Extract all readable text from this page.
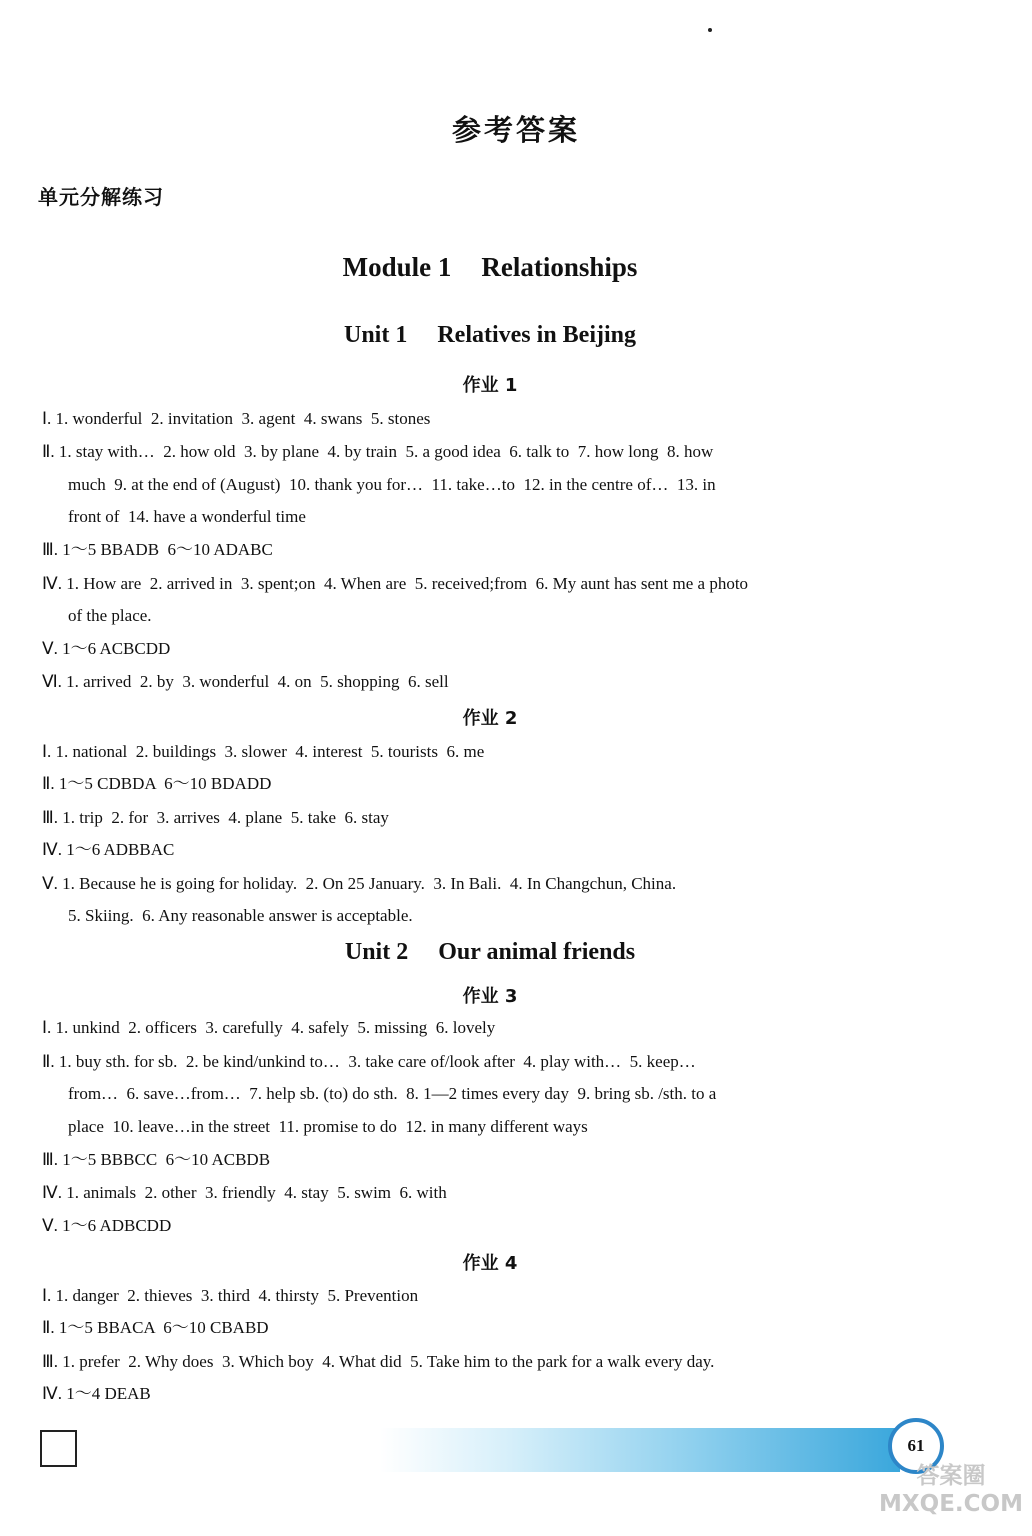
参考答案
单元分解练习
Module 1 Relationships
Unit 1 Relatives in Beijing
作业 1
Ⅰ. 1. wonderful  2. invitation  3. agent  4. swans  5. stones
Ⅱ. 1. stay with…  2. how old  3. by plane  4. by train  5. a good idea  6. talk to  7. how long  8. how
much  9. at the end of (August)  10. thank you for…  11. take…to  12. in the centre of…  13. in
front of  14. have a wonderful time
Ⅲ. 1～5 BBADB  6～10 ADABC
Ⅳ. 1. How are  2. arrived in  3. spent;on  4. When are  5. received;from  6. My aunt has sent me a photo
of the place.
Ⅴ. 1～6 ACBCDD
Ⅵ. 1. arrived  2. by  3. wonderful  4. on  5. shopping  6. sell
作业 2
Ⅰ. 1. national  2. buildings  3. slower  4. interest  5. tourists  6. me
Ⅱ. 1～5 CDBDA  6～10 BDADD
Ⅲ. 1. trip  2. for  3. arrives  4. plane  5. take  6. stay
Ⅳ. 1～6 ADBBAC
Ⅴ. 1. Because he is going for holiday.  2. On 25 January.  3. In Bali.  4. In Changchun, China.
5. Skiing.  6. Any reasonable answer is acceptable.
Unit 2 Our animal friends
作业 3
Ⅰ. 1. unkind  2. officers  3. carefully  4. safely  5. missing  6. lovely
Ⅱ. 1. buy sth. for sb.  2. be kind/unkind to…  3. take care of/look after  4. play with…  5. keep…
from…  6. save…from…  7. help sb. (to) do sth.  8. 1—2 times every day  9. bring sb. /sth. to a
place  10. leave…in the street  11. promise to do  12. in many different ways
Ⅲ. 1～5 BBBCC  6～10 ACBDB
Ⅳ. 1. animals  2. other  3. friendly  4. stay  5. swim  6. with
Ⅴ. 1～6 ADBCDD
作业 4
Ⅰ. 1. danger  2. thieves  3. third  4. thirsty  5. Prevention
Ⅱ. 1～5 BBACA  6～10 CBABD
Ⅲ. 1. prefer  2. Why does  3. Which boy  4. What did  5. Take him to the park for a walk every day.
Ⅳ. 1～4 DEAB
61
答案圈
MXQE.COM
